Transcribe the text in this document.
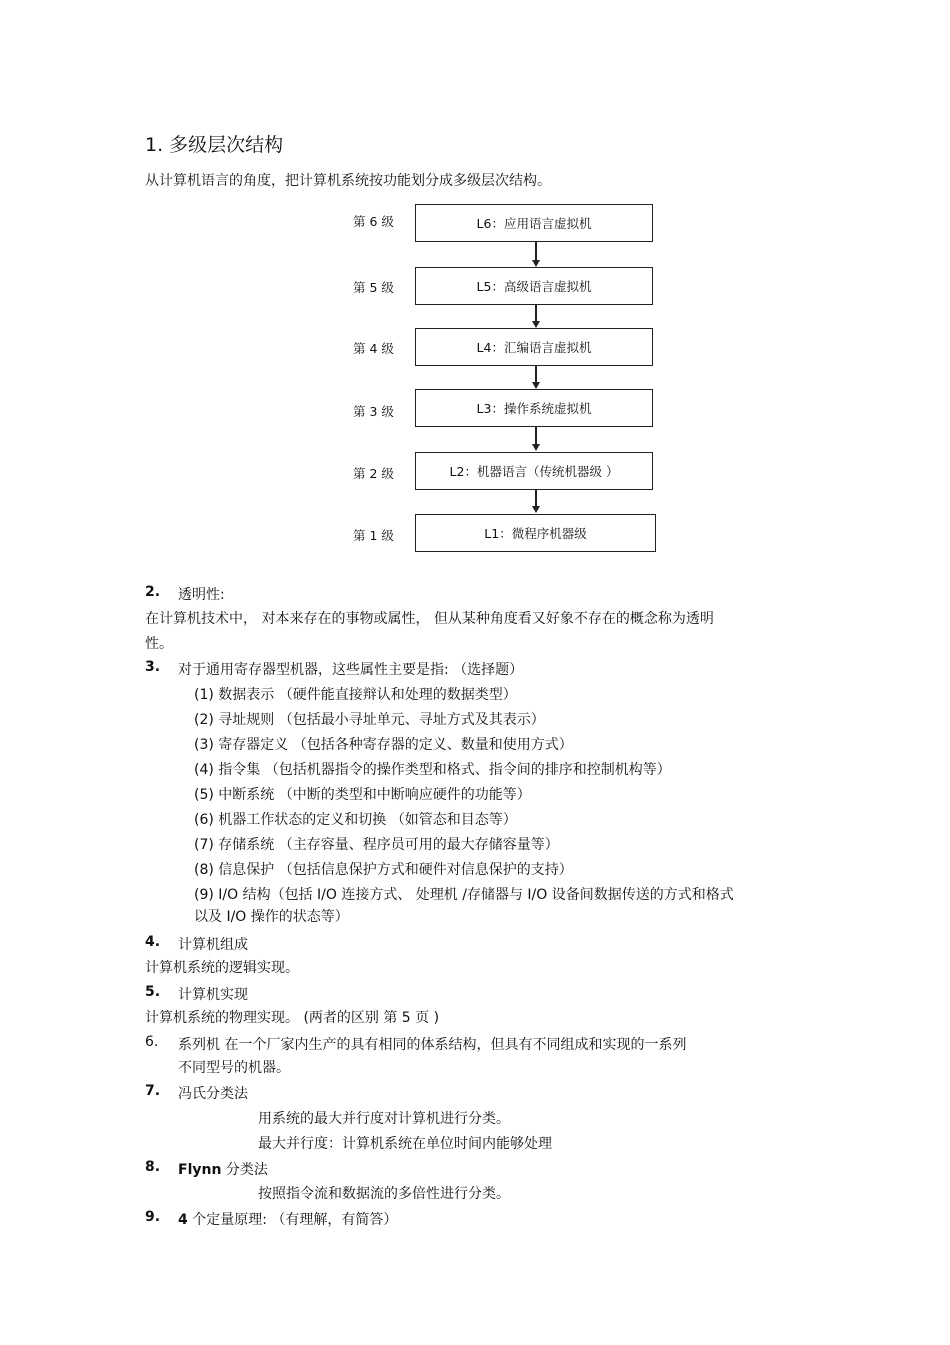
1. 多级层次结构
从计算机语言的角度，把计算机系统按功能划分成多级层次结构。
第 6 级	L6：应用语言虚拟机
第 5 级	L5：高级语言虚拟机
第 4 级	L4：汇编语言虚拟机
第 3 级	L3：操作系统虚拟机
第 2 级	L2：机器语言（传统机器级 ）
第 1 级	L1：微程序机器级
2. 透明性:
在计算机技术中， 对本来存在的事物或属性， 但从某种角度看又好象不存在的概念称为透明
性。
3. 对于通用寄存器型机器，这些属性主要是指: （选择题）
(1) 数据表示 （硬件能直接辩认和处理的数据类型）
(2) 寻址规则 （包括最小寻址单元、寻址方式及其表示）
(3) 寄存器定义 （包括各种寄存器的定义、数量和使用方式）
(4) 指令集 （包括机器指令的操作类型和格式、指令间的排序和控制机构等）
(5) 中断系统 （中断的类型和中断响应硬件的功能等）
(6) 机器工作状态的定义和切换 （如管态和目态等）
(7) 存储系统 （主存容量、程序员可用的最大存储容量等）
(8) 信息保护 （包括信息保护方式和硬件对信息保护的支持）
(9) I/O 结构（包括 I/O 连接方式、 处理机 /存储器与 I/O 设备间数据传送的方式和格式
以及 I/O 操作的状态等）
4. 计算机组成
计算机系统的逻辑实现。
5. 计算机实现
计算机系统的物理实现。 (两者的区别 第 5 页 )
6. 系列机 在一个厂家内生产的具有相同的体系结构，但具有不同组成和实现的一系列
不同型号的机器。
7. 冯氏分类法
用系统的最大并行度对计算机进行分类。
最大并行度：计算机系统在单位时间内能够处理
8. Flynn 分类法
按照指令流和数据流的多倍性进行分类。
9. 4 个定量原理: （有理解，有简答）
